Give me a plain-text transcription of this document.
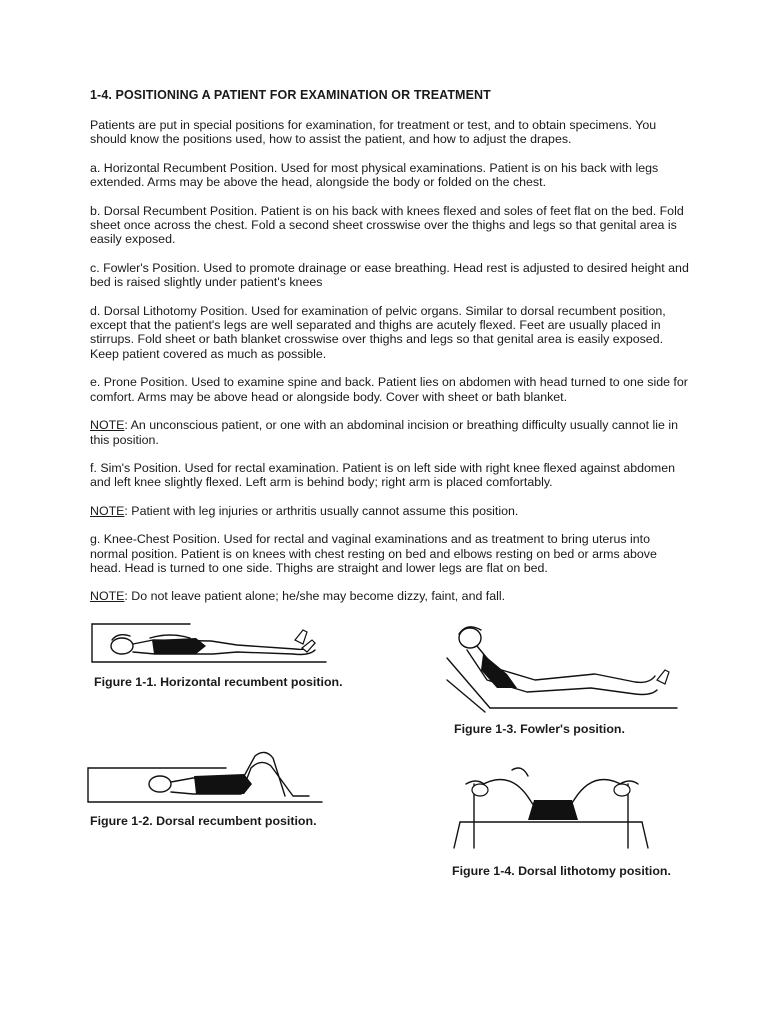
1-4. POSITIONING A PATIENT FOR EXAMINATION OR TREATMENT

Patients are put in special positions for examination, for treatment or test, and to obtain specimens. You should know the positions used, how to assist the patient, and how to adjust the drapes.

a. Horizontal Recumbent Position. Used for most physical examinations. Patient is on his back with legs extended. Arms may be above the head, alongside the body or folded on the chest.

b. Dorsal Recumbent Position. Patient is on his back with knees flexed and soles of feet flat on the bed. Fold sheet once across the chest. Fold a second sheet crosswise over the thighs and legs so that genital area is easily exposed.

c. Fowler's Position. Used to promote drainage or ease breathing. Head rest is adjusted to desired height and bed is raised slightly under patient's knees

d. Dorsal Lithotomy Position. Used for examination of pelvic organs. Similar to dorsal recumbent position, except that the patient's legs are well separated and thighs are acutely flexed. Feet are usually placed in stirrups. Fold sheet or bath blanket crosswise over thighs and legs so that genital area is easily exposed. Keep patient covered as much as possible.

e. Prone Position. Used to examine spine and back. Patient lies on abdomen with head turned to one side for comfort. Arms may be above head or alongside body. Cover with sheet or bath blanket.

NOTE: An unconscious patient, or one with an abdominal incision or breathing difficulty usually cannot lie in this position.

f. Sim's Position. Used for rectal examination. Patient is on left side with right knee flexed against abdomen and left knee slightly flexed. Left arm is behind body; right arm is placed comfortably.

NOTE: Patient with leg injuries or arthritis usually cannot assume this position.

g. Knee-Chest Position. Used for rectal and vaginal examinations and as treatment to bring uterus into normal position. Patient is on knees with chest resting on bed and elbows resting on bed or arms above head. Head is turned to one side. Thighs are straight and lower legs are flat on bed.

NOTE: Do not leave patient alone; he/she may become dizzy, faint, and fall.

Figure 1-1. Horizontal recumbent position.
Figure 1-3. Fowler's position.
Figure 1-2. Dorsal recumbent position.
Figure 1-4. Dorsal lithotomy position.
